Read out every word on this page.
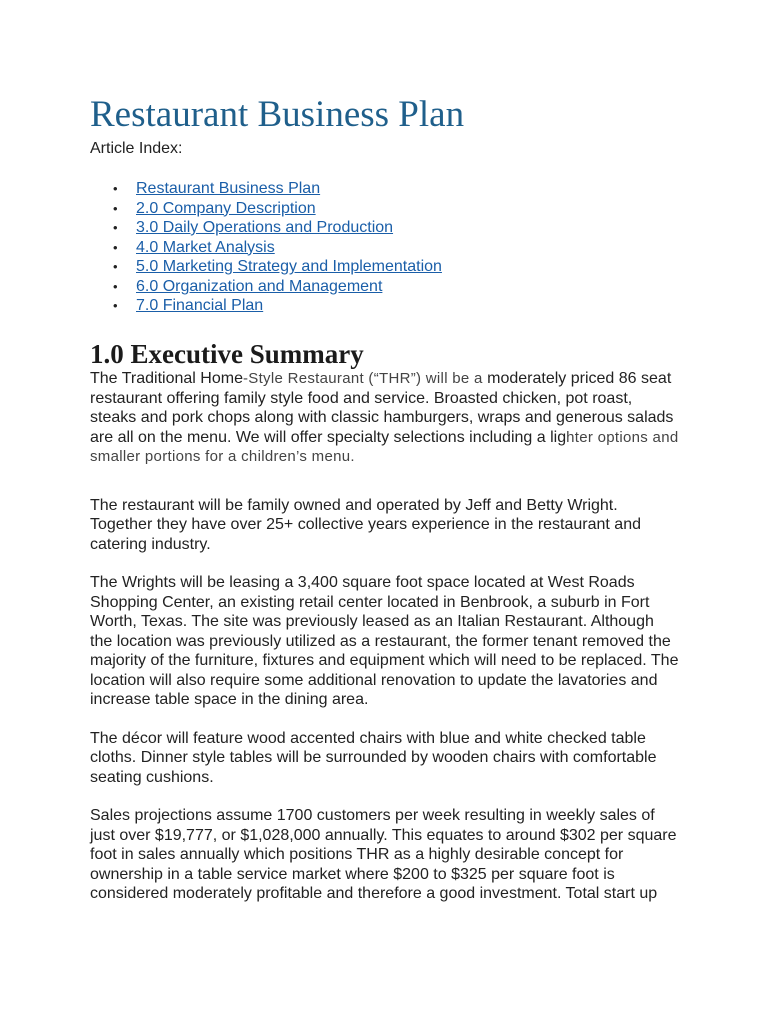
Restaurant Business Plan

Article Index:

• Restaurant Business Plan
• 2.0 Company Description
• 3.0 Daily Operations and Production
• 4.0 Market Analysis
• 5.0 Marketing Strategy and Implementation
• 6.0 Organization and Management
• 7.0 Financial Plan
1.0 Executive Summary

The Traditional Home-Style Restaurant (“THR”) will be a moderately priced 86 seat restaurant offering family style food and service. Broasted chicken, pot roast, steaks and pork chops along with classic hamburgers, wraps and generous salads are all on the menu. We will offer specialty selections including a lighter options and smaller portions for a children’s menu.

The restaurant will be family owned and operated by Jeff and Betty Wright. Together they have over 25+ collective years experience in the restaurant and catering industry.

The Wrights will be leasing a 3,400 square foot space located at West Roads Shopping Center, an existing retail center located in Benbrook, a suburb in Fort Worth, Texas. The site was previously leased as an Italian Restaurant. Although the location was previously utilized as a restaurant, the former tenant removed the majority of the furniture, fixtures and equipment which will need to be replaced. The location will also require some additional renovation to update the lavatories and increase table space in the dining area.

The décor will feature wood accented chairs with blue and white checked table cloths. Dinner style tables will be surrounded by wooden chairs with comfortable seating cushions.

Sales projections assume 1700 customers per week resulting in weekly sales of just over $19,777, or $1,028,000 annually. This equates to around $302 per square foot in sales annually which positions THR as a highly desirable concept for ownership in a table service market where $200 to $325 per square foot is considered moderately profitable and therefore a good investment. Total start up
